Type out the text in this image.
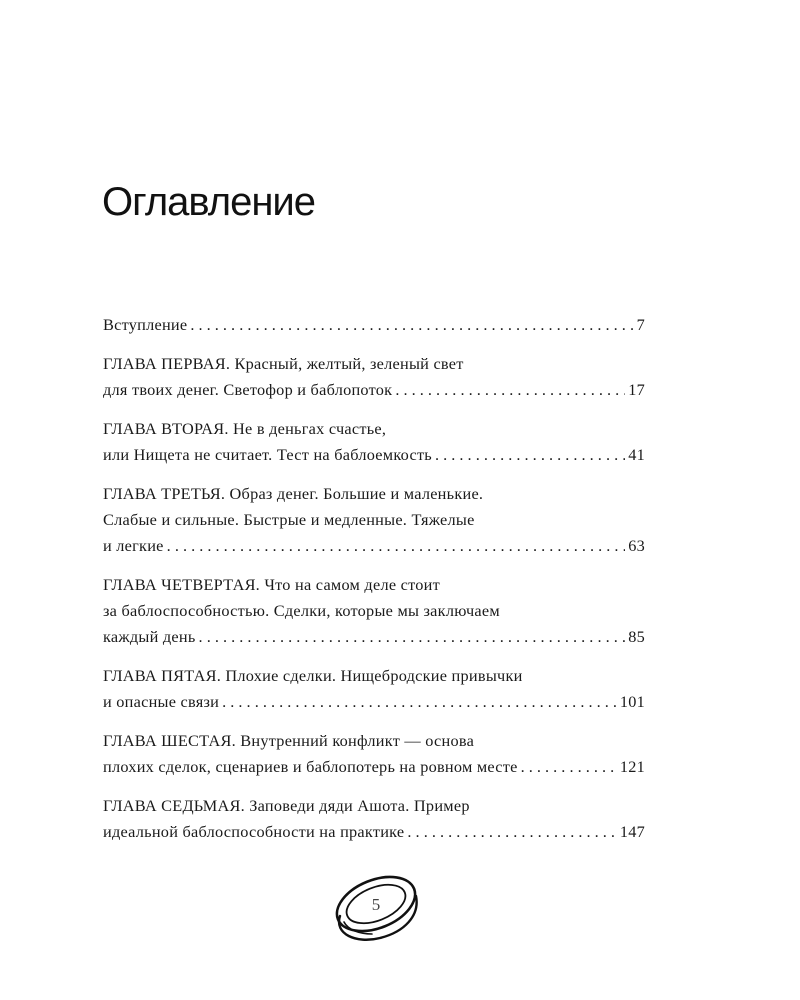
Оглавление
Вступление . . .	7
ГЛАВА ПЕРВАЯ. Красный, желтый, зеленый свет
для твоих денег. Светофор и баблопоток . . .	17
ГЛАВА ВТОРАЯ. Не в деньгах счастье,
или Нищета не считает. Тест на баблоемкость . . .	41
ГЛАВА ТРЕТЬЯ. Образ денег. Большие и маленькие.
Слабые и сильные. Быстрые и медленные. Тяжелые
и легкие . . .	63
ГЛАВА ЧЕТВЕРТАЯ. Что на самом деле стоит
за баблоспособностью. Сделки, которые мы заключаем
каждый день . . .	85
ГЛАВА ПЯТАЯ. Плохие сделки. Нищебродские привычки
и опасные связи . . .	101
ГЛАВА ШЕСТАЯ. Внутренний конфликт — основа
плохих сделок, сценариев и баблопотерь на ровном месте . . .	121
ГЛАВА СЕДЬМАЯ. Заповеди дяди Ашота. Пример
идеальной баблоспособности на практике . . .	147
5
